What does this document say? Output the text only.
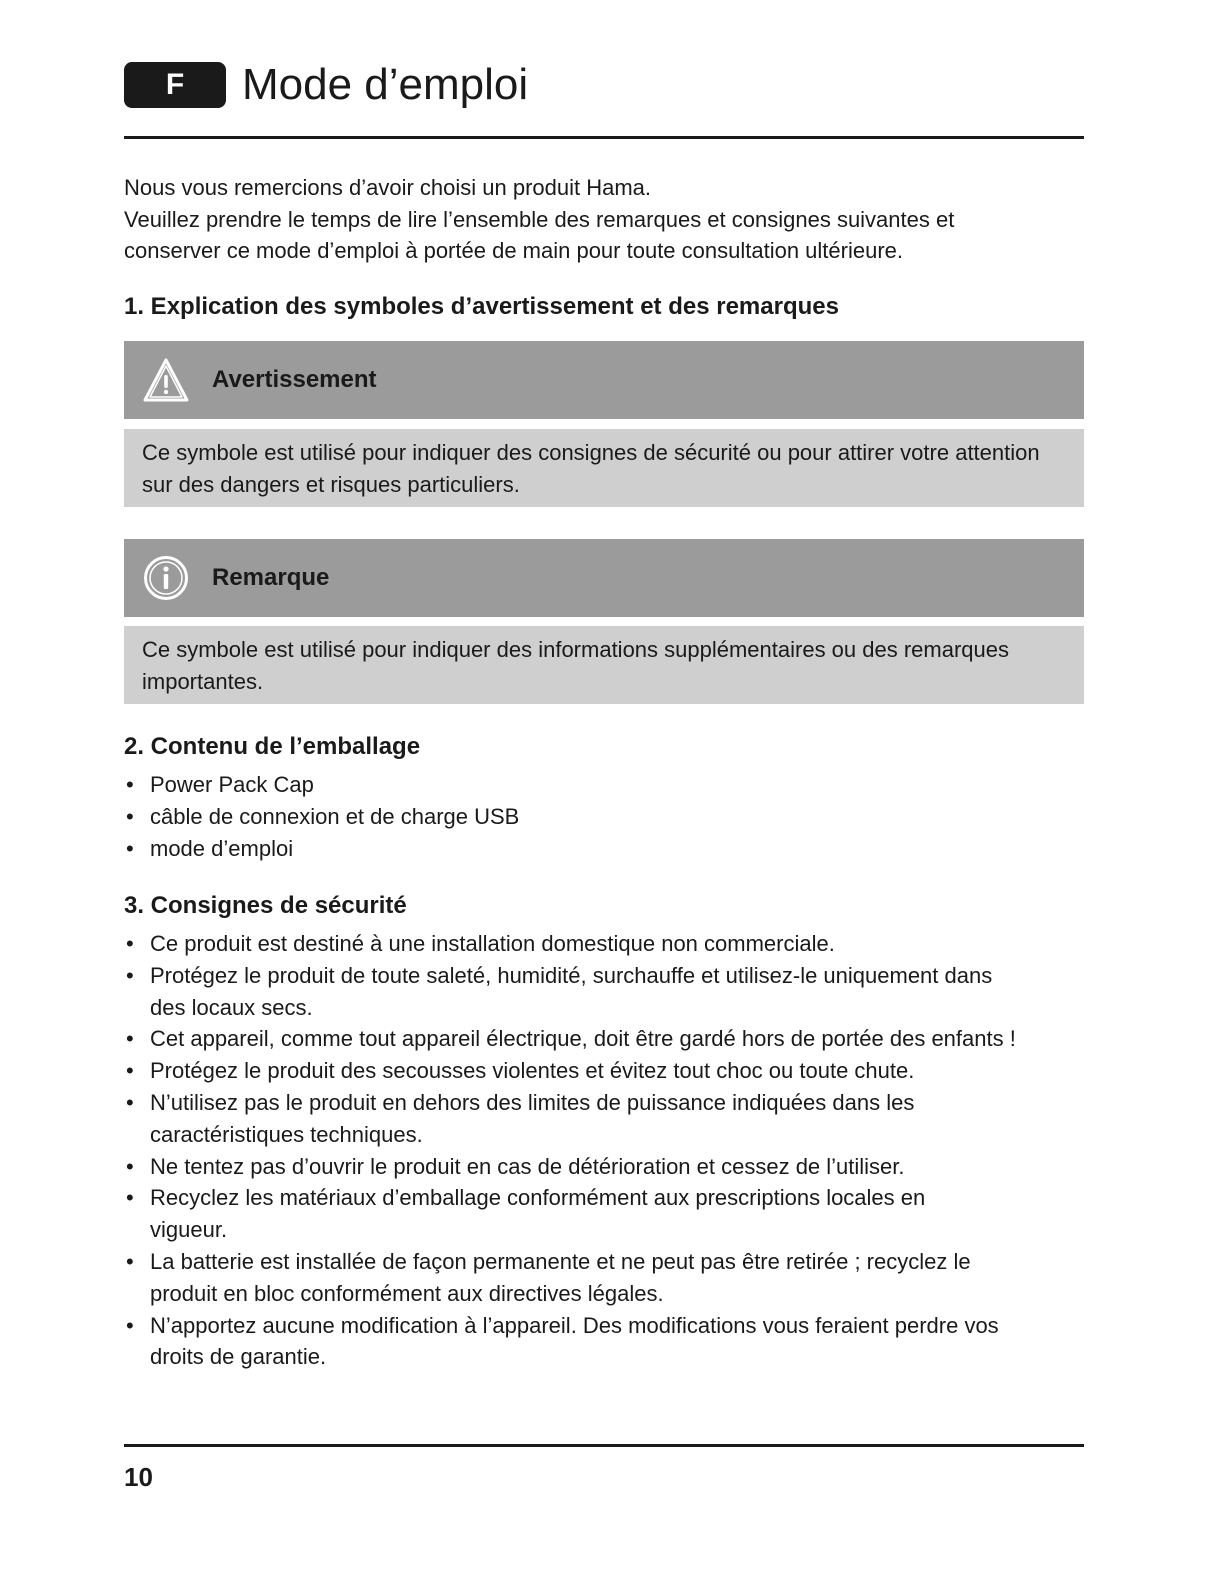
F	Mode d’emploi

Nous vous remercions d’avoir choisi un produit Hama.

Veuillez prendre le temps de lire l’ensemble des remarques et consignes suivantes et conserver ce mode d’emploi à portée de main pour toute consultation ultérieure.

1. Explication des symboles d’avertissement et des remarques
Avertissement
Ce symbole est utilisé pour indiquer des consignes de sécurité ou pour attirer votre attention sur des dangers et risques particuliers.
Remarque
Ce symbole est utilisé pour indiquer des informations supplémentaires ou des remarques importantes.
2. Contenu de l’emballage
• Power Pack Cap
• câble de connexion et de charge USB
• mode d’emploi
3. Consignes de sécurité
• Ce produit est destiné à une installation domestique non commerciale.
• Protégez le produit de toute saleté, humidité, surchauffe et utilisez-le uniquement dans des locaux secs.
• Cet appareil, comme tout appareil électrique, doit être gardé hors de portée des enfants !
• Protégez le produit des secousses violentes et évitez tout choc ou toute chute.
• N’utilisez pas le produit en dehors des limites de puissance indiquées dans les caractéristiques techniques.
• Ne tentez pas d’ouvrir le produit en cas de détérioration et cessez de l’utiliser.
• Recyclez les matériaux d’emballage conformément aux prescriptions locales en vigueur.
• La batterie est installée de façon permanente et ne peut pas être retirée ; recyclez le produit en bloc conformément aux directives légales.
• N’apportez aucune modification à l’appareil. Des modifications vous feraient perdre vos droits de garantie.
10
